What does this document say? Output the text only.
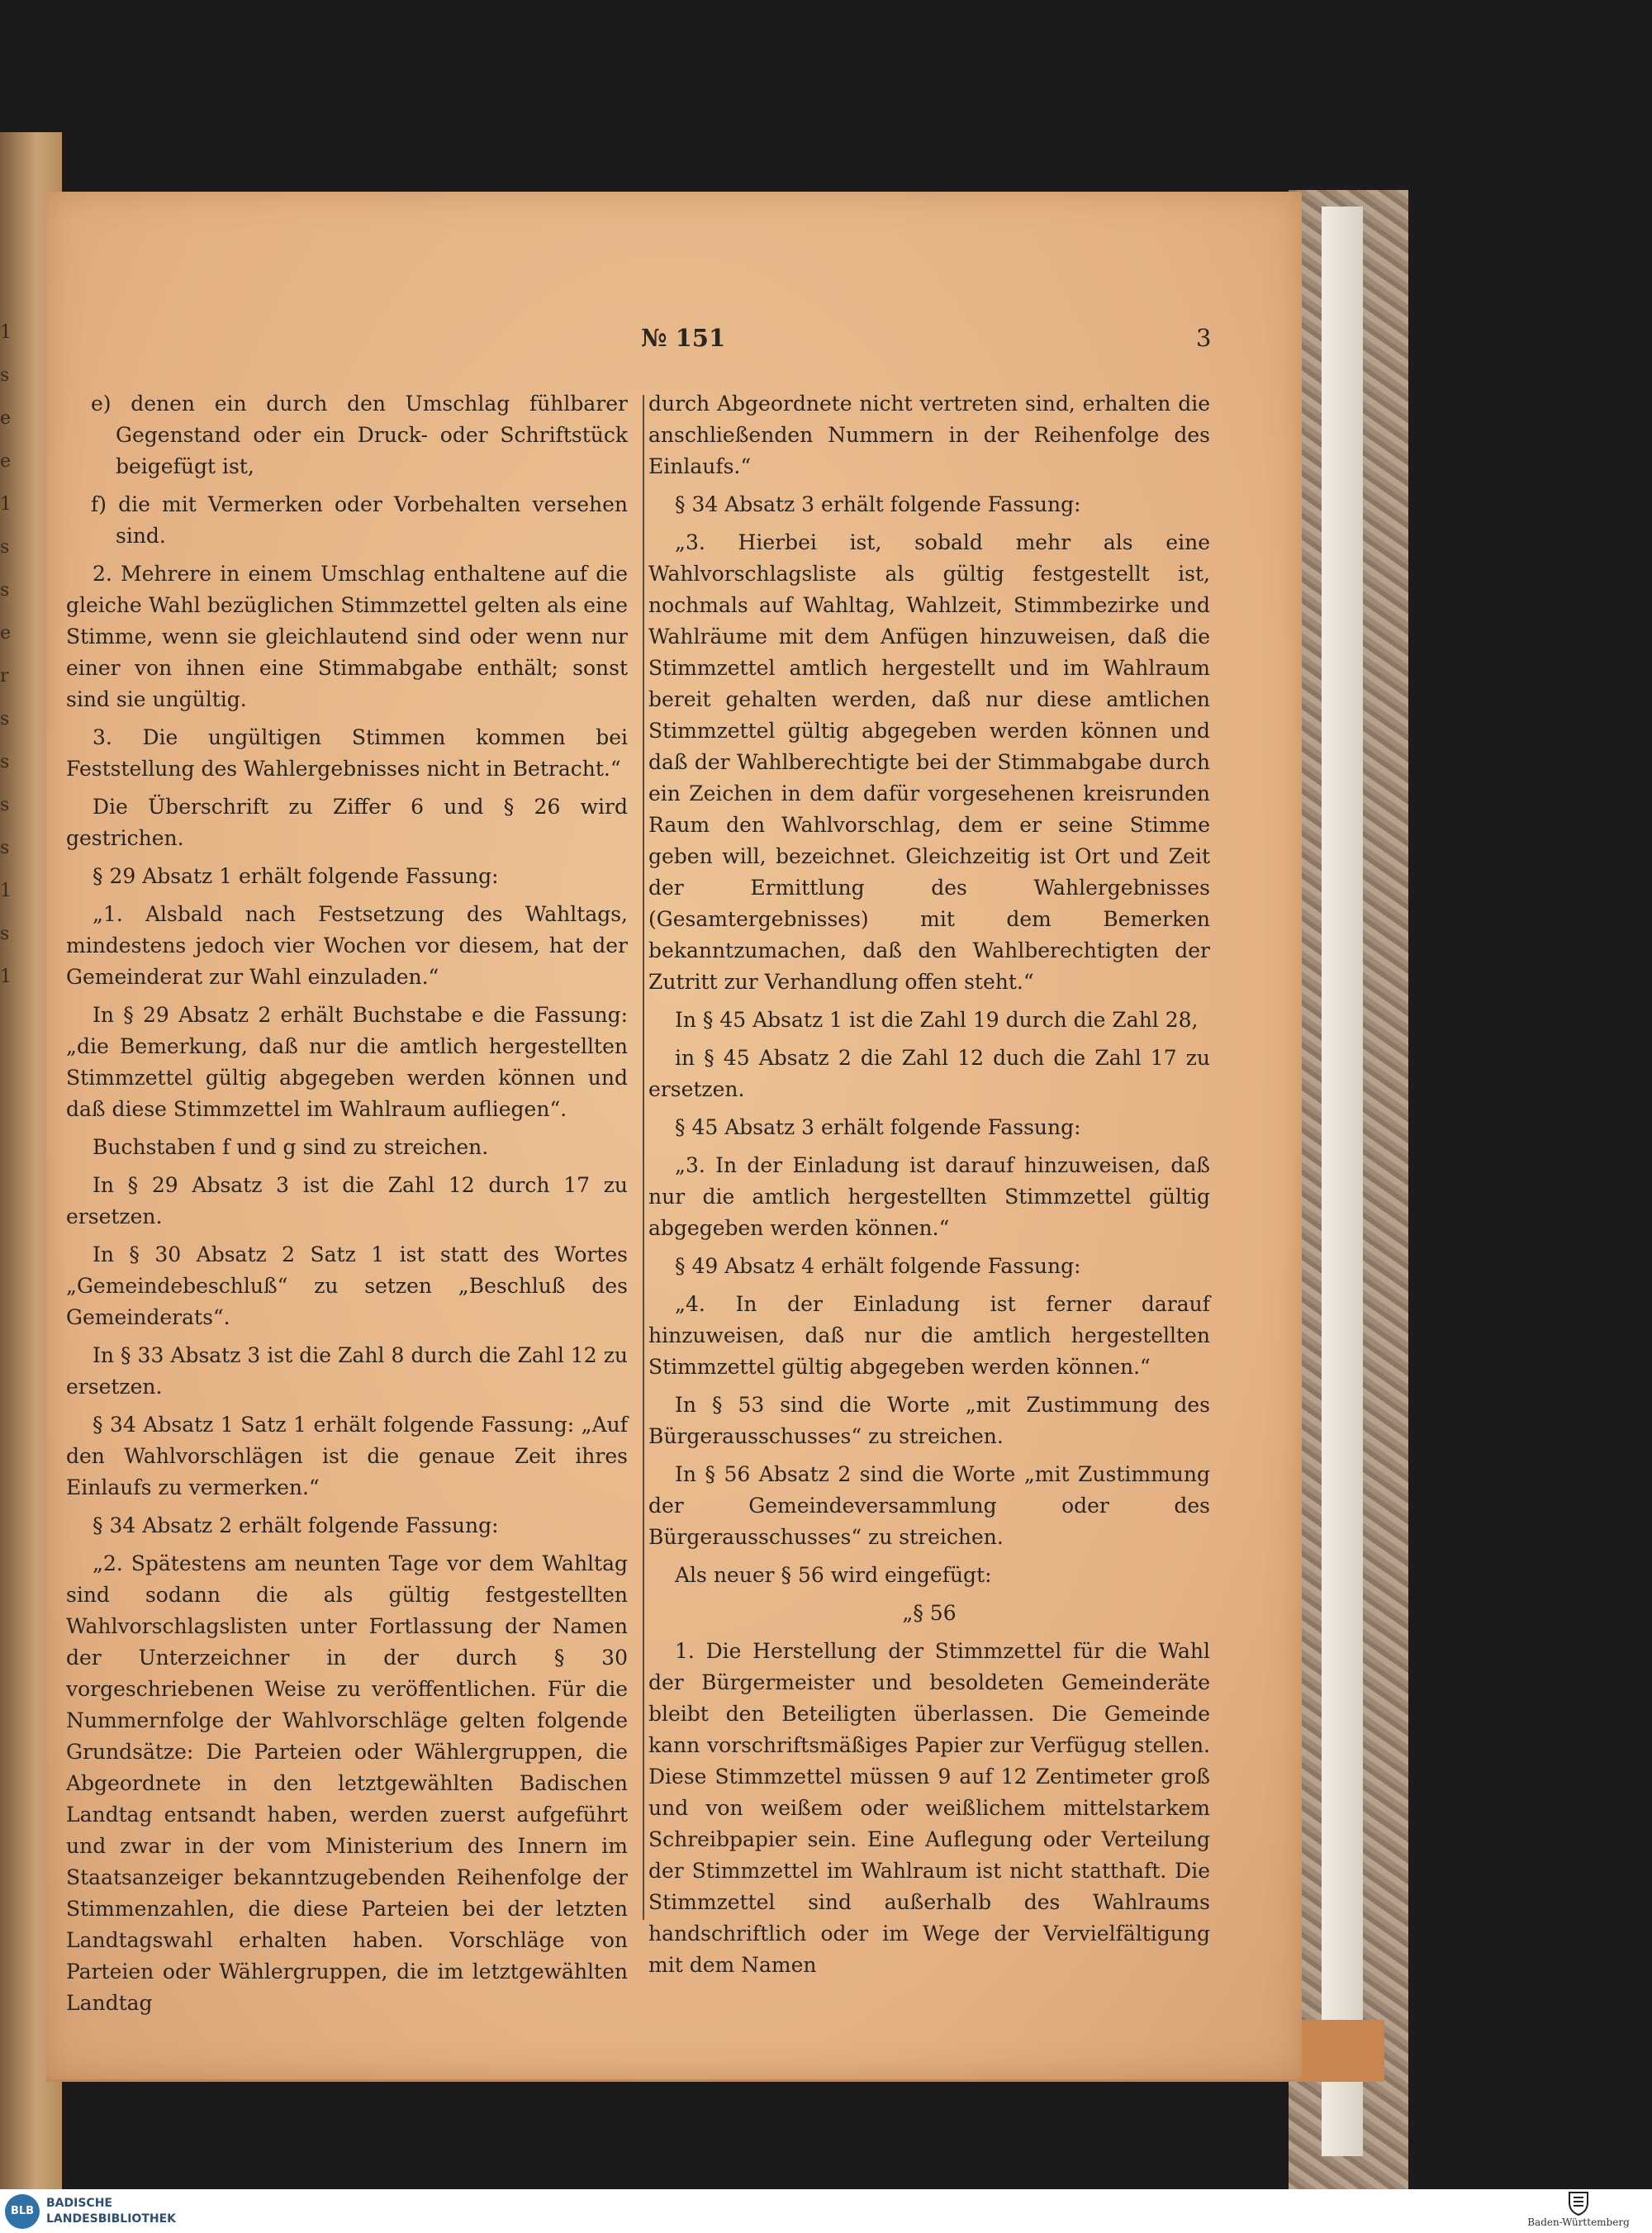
1
s
e
e
1
s
s
e
r
s
s
s
s
1
s
1
№ 151	3

e) denen ein durch den Umschlag fühlbarer Gegenstand oder ein Druck- oder Schriftstück beigefügt ist,

f) die mit Vermerken oder Vorbehalten versehen sind.

2. Mehrere in einem Umschlag enthaltene auf die gleiche Wahl bezüglichen Stimmzettel gelten als eine Stimme, wenn sie gleichlautend sind oder wenn nur einer von ihnen eine Stimmabgabe enthält; sonst sind sie ungültig.

3. Die ungültigen Stimmen kommen bei Feststellung des Wahlergebnisses nicht in Betracht.“

Die Überschrift zu Ziffer 6 und § 26 wird gestrichen.

§ 29 Absatz 1 erhält folgende Fassung:

„1. Alsbald nach Festsetzung des Wahltags, mindestens jedoch vier Wochen vor diesem, hat der Gemeinderat zur Wahl einzuladen.“

In § 29 Absatz 2 erhält Buchstabe e die Fassung: „die Bemerkung, daß nur die amtlich hergestellten Stimmzettel gültig abgegeben werden können und daß diese Stimmzettel im Wahlraum aufliegen“.

Buchstaben f und g sind zu streichen.

In § 29 Absatz 3 ist die Zahl 12 durch 17 zu ersetzen.

In § 30 Absatz 2 Satz 1 ist statt des Wortes „Gemeindebeschluß“ zu setzen „Beschluß des Gemeinderats“.

In § 33 Absatz 3 ist die Zahl 8 durch die Zahl 12 zu ersetzen.

§ 34 Absatz 1 Satz 1 erhält folgende Fassung: „Auf den Wahlvorschlägen ist die genaue Zeit ihres Einlaufs zu vermerken.“

§ 34 Absatz 2 erhält folgende Fassung:

„2. Spätestens am neunten Tage vor dem Wahltag sind sodann die als gültig festgestellten Wahlvorschlagslisten unter Fortlassung der Namen der Unterzeichner in der durch § 30 vorgeschriebenen Weise zu veröffentlichen. Für die Nummernfolge der Wahlvorschläge gelten folgende Grundsätze: Die Parteien oder Wählergruppen, die Abgeordnete in den letztgewählten Badischen Landtag entsandt haben, werden zuerst aufgeführt und zwar in der vom Ministerium des Innern im Staatsanzeiger bekanntzugebenden Reihenfolge der Stimmenzahlen, die diese Parteien bei der letzten Landtagswahl erhalten haben. Vorschläge von Parteien oder Wählergruppen, die im letztgewählten Landtag

durch Abgeordnete nicht vertreten sind, erhalten die anschließenden Nummern in der Reihenfolge des Einlaufs.“

§ 34 Absatz 3 erhält folgende Fassung:

„3. Hierbei ist, sobald mehr als eine Wahlvorschlagsliste als gültig festgestellt ist, nochmals auf Wahltag, Wahlzeit, Stimmbezirke und Wahlräume mit dem Anfügen hinzuweisen, daß die Stimmzettel amtlich hergestellt und im Wahlraum bereit gehalten werden, daß nur diese amtlichen Stimmzettel gültig abgegeben werden können und daß der Wahlberechtigte bei der Stimmabgabe durch ein Zeichen in dem dafür vorgesehenen kreisrunden Raum den Wahlvorschlag, dem er seine Stimme geben will, bezeichnet. Gleichzeitig ist Ort und Zeit der Ermittlung des Wahlergebnisses (Gesamtergebnisses) mit dem Bemerken bekanntzumachen, daß den Wahlberechtigten der Zutritt zur Verhandlung offen steht.“

In § 45 Absatz 1 ist die Zahl 19 durch die Zahl 28,

in § 45 Absatz 2 die Zahl 12 duch die Zahl 17 zu ersetzen.

§ 45 Absatz 3 erhält folgende Fassung:

„3. In der Einladung ist darauf hinzuweisen, daß nur die amtlich hergestellten Stimmzettel gültig abgegeben werden können.“

§ 49 Absatz 4 erhält folgende Fassung:

„4. In der Einladung ist ferner darauf hinzuweisen, daß nur die amtlich hergestellten Stimmzettel gültig abgegeben werden können.“

In § 53 sind die Worte „mit Zustimmung des Bürgerausschusses“ zu streichen.

In § 56 Absatz 2 sind die Worte „mit Zustimmung der Gemeindeversammlung oder des Bürgerausschusses“ zu streichen.

Als neuer § 56 wird eingefügt:

„§ 56

1. Die Herstellung der Stimmzettel für die Wahl der Bürgermeister und besoldeten Gemeinderäte bleibt den Beteiligten überlassen. Die Gemeinde kann vorschriftsmäßiges Papier zur Verfügug stellen. Diese Stimmzettel müssen 9 auf 12 Zentimeter groß und von weißem oder weißlichem mittelstarkem Schreibpapier sein. Eine Auflegung oder Verteilung der Stimmzettel im Wahlraum ist nicht statthaft. Die Stimmzettel sind außerhalb des Wahlraums handschriftlich oder im Wege der Vervielfältigung mit dem Namen

BLB
BADISCHE
LANDESBIBLIOTHEK	Baden-Württemberg
